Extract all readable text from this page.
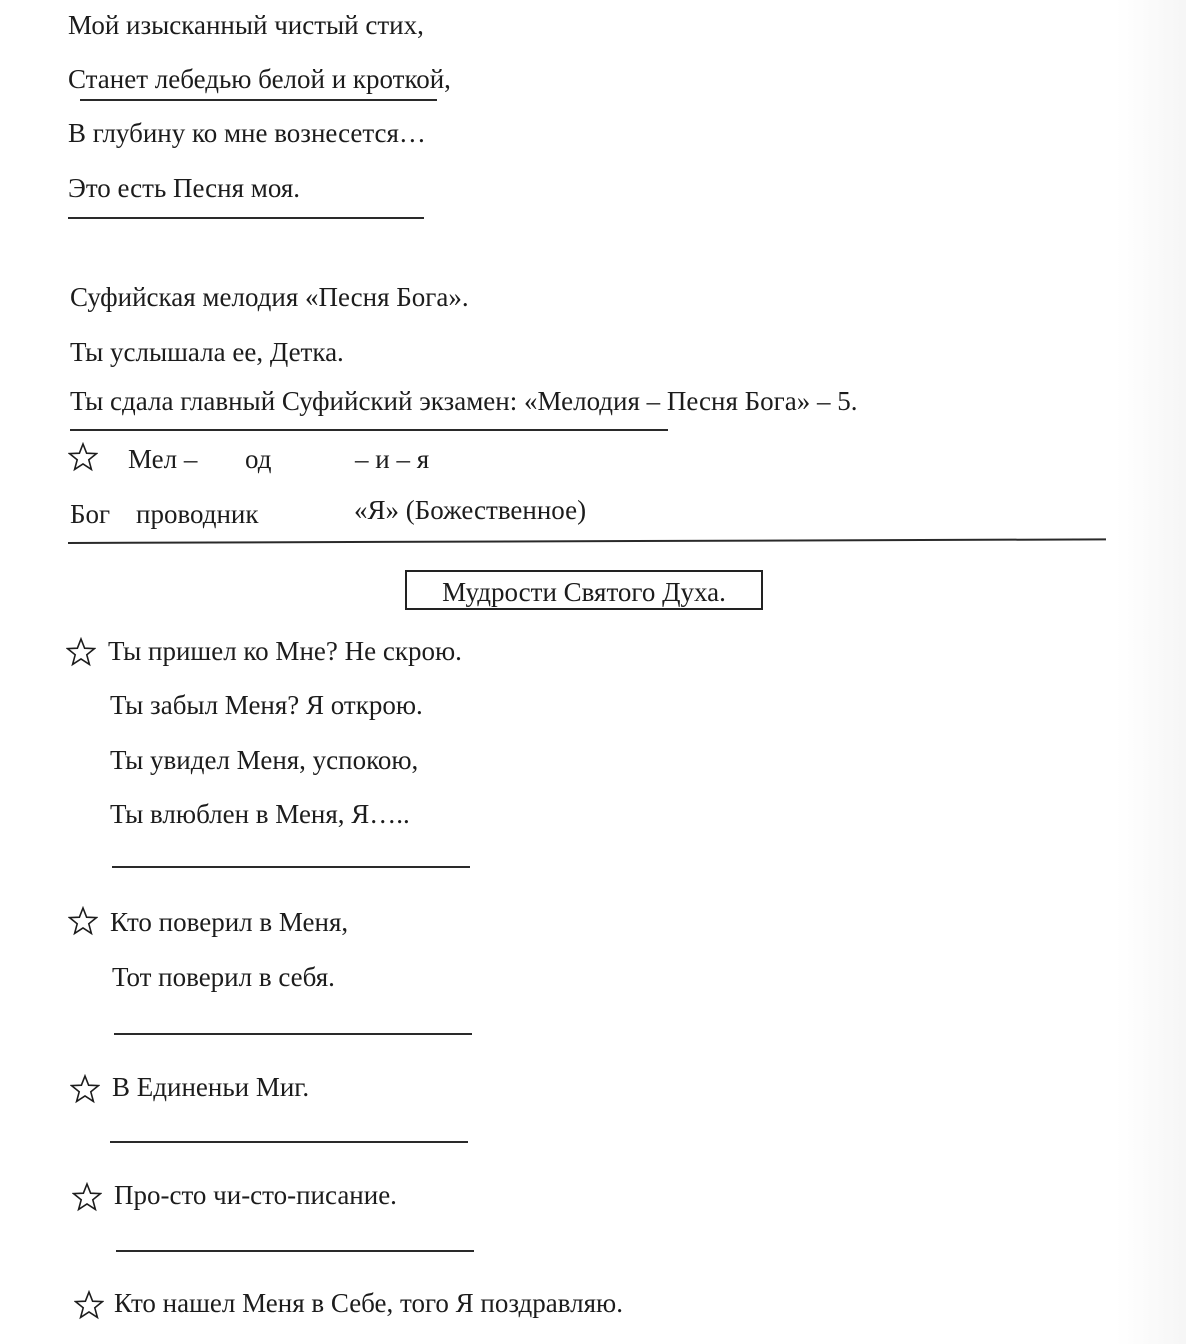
Мой изысканный чистый стих,
Станет лебедью белой и кроткой,
В глубину ко мне вознесется…
Это есть Песня моя.
Суфийская мелодия «Песня Бога».
Ты услышала ее, Детка.
Ты сдала главный Суфийский экзамен: «Мелодия – Песня Бога» – 5.
Мел – од	– и – я
Бог проводник	«Я» (Божественное)
Мудрости Святого Духа.
Ты пришел ко Мне? Не скрою.
Ты забыл Меня? Я открою.
Ты увидел Меня, успокою,
Ты влюблен в Меня, Я…..
Кто поверил в Меня,
Тот поверил в себя.
В Единеньи Миг.
Про-сто чи-сто-писание.
Кто нашел Меня в Себе, того Я поздравляю.
